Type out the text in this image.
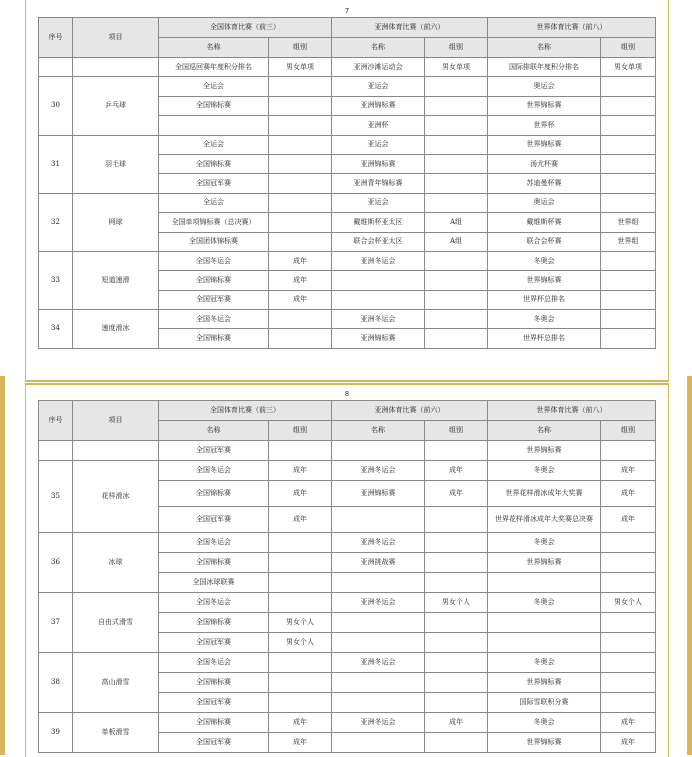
7
序号	项目	全国体育比赛（前三）		亚洲体育比赛（前六）		世界体育比赛（前八）	
		名称	组别	名称	组别	名称	组别
		全国巡回赛年度积分排名	男女单项	亚洲沙滩运动会	男女单项	国际排联年度积分排名	男女单项
30	乒乓球	全运会		亚运会		奥运会	
		全国锦标赛		亚洲锦标赛		世界锦标赛	
				亚洲杯		世界杯	
31	羽毛球	全运会		亚运会		世界锦标赛	
		全国锦标赛		亚洲锦标赛		汤尤杯赛	
		全国冠军赛		亚洲青年锦标赛		苏迪曼杯赛	
32	网球	全运会		亚运会		奥运会	
		全国单项锦标赛（总决赛）		戴维斯杯亚太区	A组	戴维斯杯赛	世界组
		全国团体锦标赛		联合会杯亚太区	A组	联合会杯赛	世界组
33	短道速滑	全国冬运会	成年	亚洲冬运会		冬奥会	
		全国锦标赛	成年			世界锦标赛	
		全国冠军赛	成年			世界杯总排名	
34	速度滑冰	全国冬运会		亚洲冬运会		冬奥会	
		全国锦标赛		亚洲锦标赛		世界杯总排名	
8
序号	项目	全国体育比赛（前三）		亚洲体育比赛（前六）		世界体育比赛（前八）	
		名称	组别	名称	组别	名称	组别
		全国冠军赛				世界锦标赛	
35	花样滑冰	全国冬运会	成年	亚洲冬运会	成年	冬奥会	成年
		全国锦标赛	成年	亚洲锦标赛	成年	世界花样滑冰成年大奖赛	成年
		全国冠军赛	成年			世界花样滑冰成年大奖赛总决赛	成年
36	冰球	全国冬运会		亚洲冬运会		冬奥会	
		全国锦标赛		亚洲挑战赛		世界锦标赛	
		全国冰球联赛					
37	自由式滑雪	全国冬运会		亚洲冬运会	男女个人	冬奥会	男女个人
		全国锦标赛	男女个人				
		全国冠军赛	男女个人				
38	高山滑雪	全国冬运会		亚洲冬运会		冬奥会	
		全国锦标赛				世界锦标赛	
		全国冠军赛				国际雪联积分赛	
39	单板滑雪	全国锦标赛	成年	亚洲冬运会	成年	冬奥会	成年
		全国冠军赛	成年			世界锦标赛	成年
